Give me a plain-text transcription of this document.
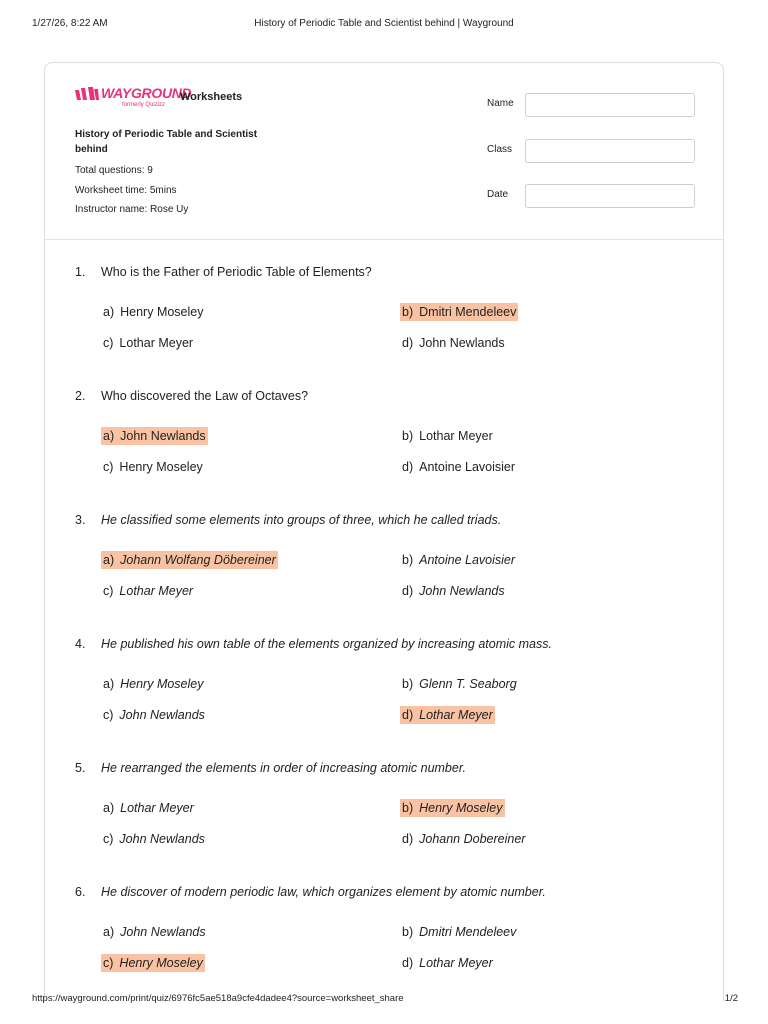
1/27/26, 8:22 AM	History of Periodic Table and Scientist behind | Wayground
WAYGROUND
formerly Quizizz
Worksheets
History of Periodic Table and Scientist
behind
Total questions: 9
Worksheet time: 5mins
Instructor name: Rose Uy
Name
Class
Date
1. Who is the Father of Periodic Table of Elements?
a) Henry Moseley	b) Dmitri Mendeleev
c) Lothar Meyer	d) John Newlands
2. Who discovered the Law of Octaves?
a) John Newlands	b) Lothar Meyer
c) Henry Moseley	d) Antoine Lavoisier
3. He classified some elements into groups of three, which he called triads.
a) Johann Wolfang Döbereiner	b) Antoine Lavoisier
c) Lothar Meyer	d) John Newlands
4. He published his own table of the elements organized by increasing atomic mass.
a) Henry Moseley	b) Glenn T. Seaborg
c) John Newlands	d) Lothar Meyer
5. He rearranged the elements in order of increasing atomic number.
a) Lothar Meyer	b) Henry Moseley
c) John Newlands	d) Johann Dobereiner
6. He discover of modern periodic law, which organizes element by atomic number.
a) John Newlands	b) Dmitri Mendeleev
c) Henry Moseley	d) Lothar Meyer
https://wayground.com/print/quiz/6976fc5ae518a9cfe4dadee4?source=worksheet_share	1/2
